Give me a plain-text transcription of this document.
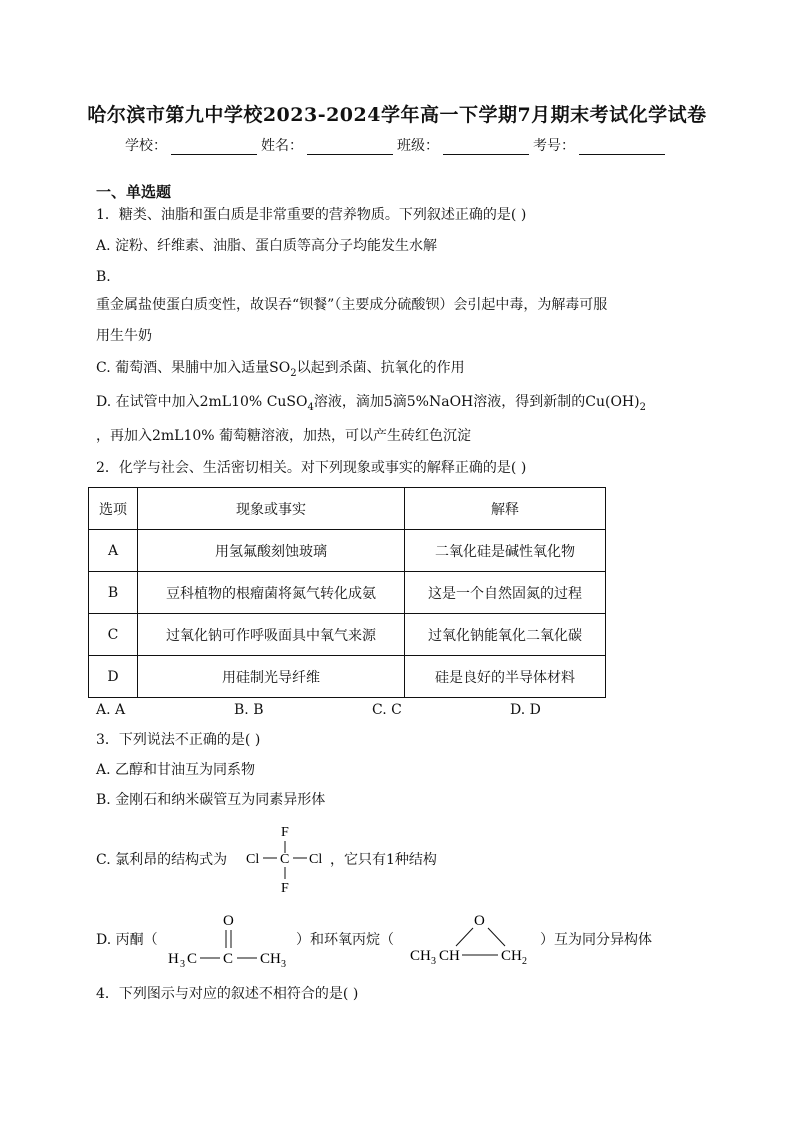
哈尔滨市第九中学校2023-2024学年高一下学期7月期末考试化学试卷
学校：	姓名：	班级：	考号：
一、单选题
1．糖类、油脂和蛋白质是非常重要的营养物质。下列叙述正确的是( )
A. 淀粉、纤维素、油脂、蛋白质等高分子均能发生水解
B.
重金属盐使蛋白质变性，故误吞“钡餐”（主要成分硫酸钡）会引起中毒，为解毒可服
用生牛奶
C. 葡萄酒、果脯中加入适量$SO_2$以起到杀菌、抗氧化的作用
D. 在试管中加入2mL10% CuSO$_4$溶液，滴加5滴5%NaOH溶液，得到新制的$Cu(OH)_2$
，再加入2mL10% 葡萄糖溶液，加热，可以产生砖红色沉淀
2．化学与社会、生活密切相关。对下列现象或事实的解释正确的是( )
选项	现象或事实	解释
A	用氢氟酸刻蚀玻璃	二氧化硅是碱性氧化物
B	豆科植物的根瘤菌将氮气转化成氨	这是一个自然固氮的过程
C	过氧化钠可作呼吸面具中氧气来源	过氧化钠能氧化二氧化碳
D	用硅制光导纤维	硅是良好的半导体材料
A. A	B. B	C. C	D. D
3．下列说法不正确的是( )
A. 乙醇和甘油互为同系物
B. 金刚石和纳米碳管互为同素异形体
C. 氯利昂的结构式为
F
Cl C Cl
F
，它只有1种结构
D. 丙酮（
O
H 3 C C CH 3
）和环氧丙烷（
O
CH 3 CH	CH 2
）互为同分异构体
4．下列图示与对应的叙述不相符合的是( )
